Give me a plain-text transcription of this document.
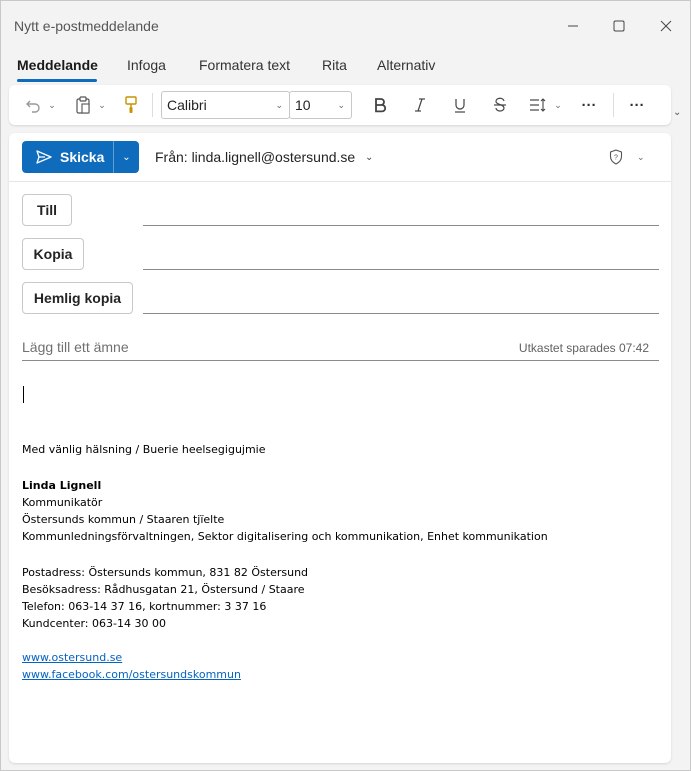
Nytt e-postmeddelande
Meddelande Infoga Formatera text Rita Alternativ
⌄	⌄	Calibri	⌄ 10	⌄	⌄	···	···	⌄
Skicka ⌄ Från: linda.lignell@ostersund.se ⌄	? ⌄
Till
Kopia
Hemlig kopia
Lägg till ett ämne	Utkastet sparades 07:42
Med vänlig hälsning / Buerie heelsegigujmie
Linda Lignell
Kommunikatör
Östersunds kommun / Staaren tjïelte
Kommunledningsförvaltningen, Sektor digitalisering och kommunikation, Enhet kommunikation
Postadress: Östersunds kommun, 831 82 Östersund
Besöksadress: Rådhusgatan 21, Östersund / Staare
Telefon: 063-14 37 16, kortnummer: 3 37 16
Kundcenter: 063-14 30 00
www.ostersund.se
www.facebook.com/ostersundskommun
